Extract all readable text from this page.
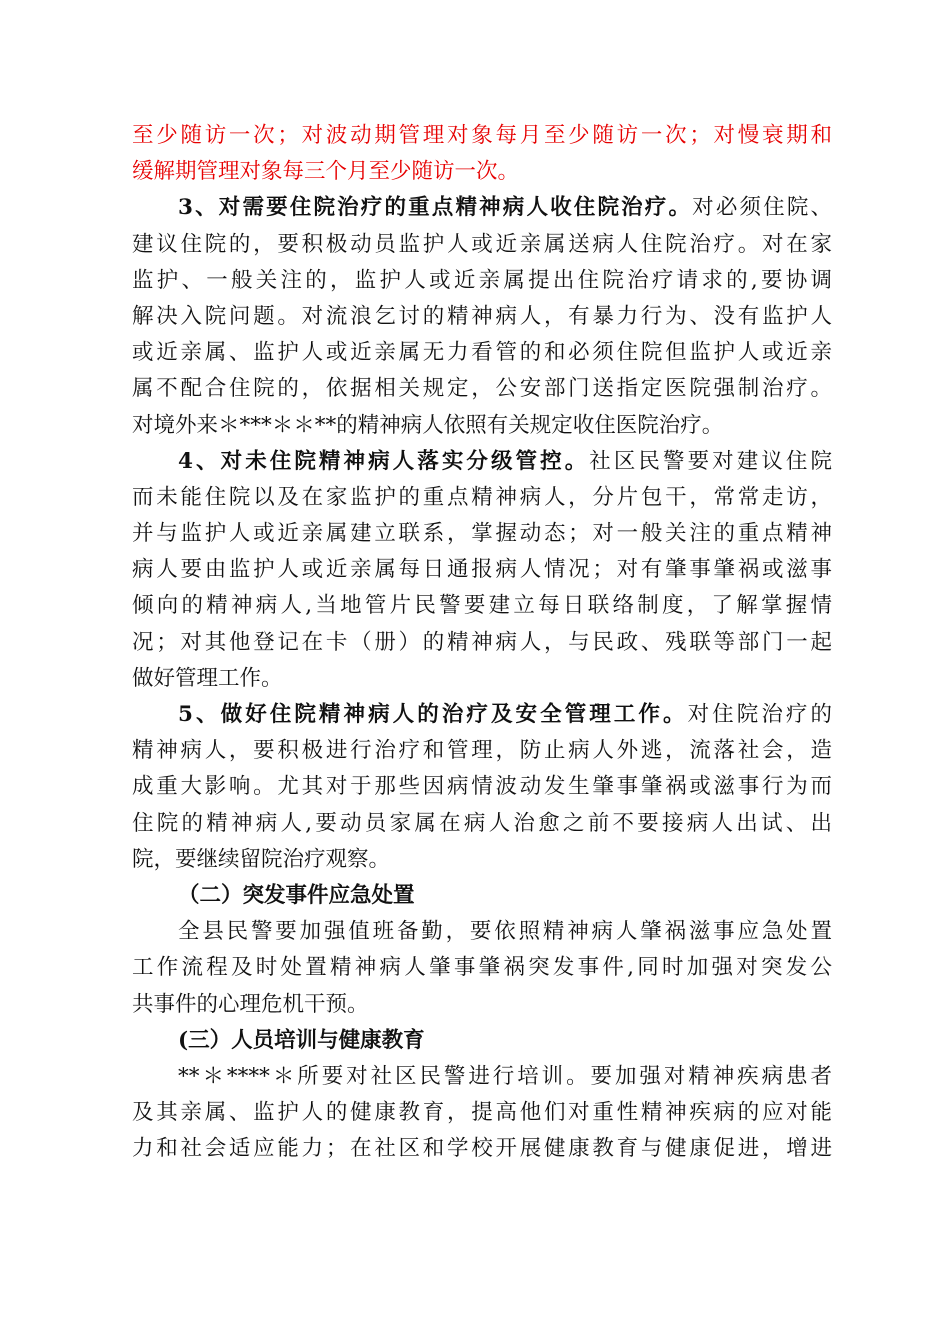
至少随访一次；对波动期管理对象每月至少随访一次；对慢衰期和
缓解期管理对象每三个月至少随访一次。
3、对需要住院治疗的重点精神病人收住院治疗。对必须住院、
建议住院的，要积极动员监护人或近亲属送病人住院治疗。对在家
监护、一般关注的，监护人或近亲属提出住院治疗请求的,要协调
解决入院问题。对流浪乞讨的精神病人，有暴力行为、没有监护人
或近亲属、监护人或近亲属无力看管的和必须住院但监护人或近亲
属不配合住院的，依据相关规定，公安部门送指定医院强制治疗。
对境外来＊***＊＊**的精神病人依照有关规定收住医院治疗。
4、对未住院精神病人落实分级管控。社区民警要对建议住院
而未能住院以及在家监护的重点精神病人，分片包干，常常走访，
并与监护人或近亲属建立联系，掌握动态；对一般关注的重点精神
病人要由监护人或近亲属每日通报病人情况；对有肇事肇祸或滋事
倾向的精神病人,当地管片民警要建立每日联络制度，了解掌握情
况；对其他登记在卡（册）的精神病人，与民政、残联等部门一起
做好管理工作。
5、做好住院精神病人的治疗及安全管理工作。对住院治疗的
精神病人，要积极进行治疗和管理，防止病人外逃，流落社会，造
成重大影响。尤其对于那些因病情波动发生肇事肇祸或滋事行为而
住院的精神病人,要动员家属在病人治愈之前不要接病人出试、出
院，要继续留院治疗观察。
（二）突发事件应急处置
全县民警要加强值班备勤，要依照精神病人肇祸滋事应急处置
工作流程及时处置精神病人肇事肇祸突发事件,同时加强对突发公
共事件的心理危机干预。
(三）人员培训与健康教育
**＊****＊所要对社区民警进行培训。要加强对精神疾病患者
及其亲属、监护人的健康教育，提高他们对重性精神疾病的应对能
力和社会适应能力；在社区和学校开展健康教育与健康促进，增进
